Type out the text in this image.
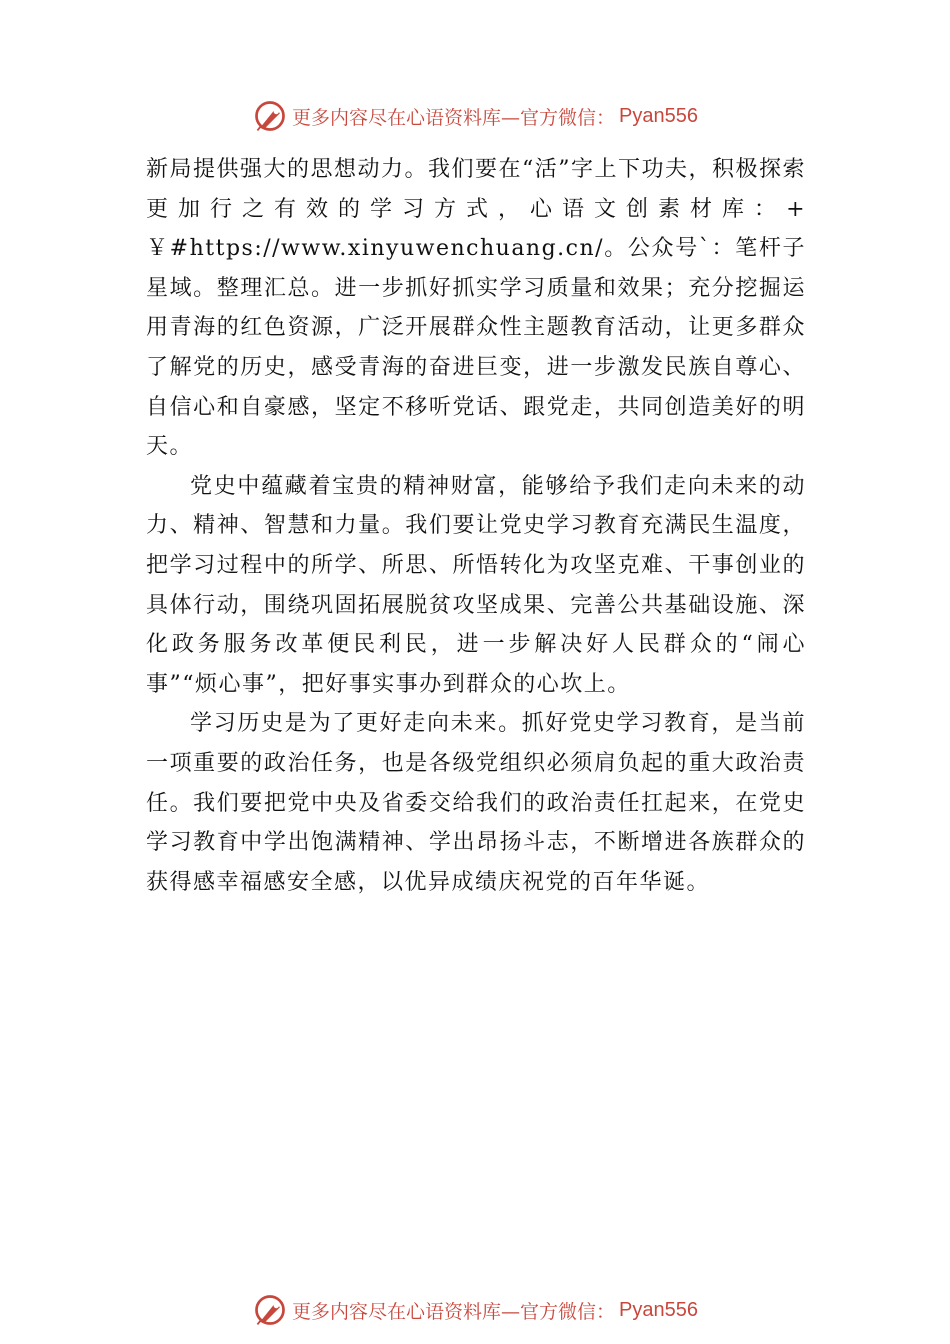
更多内容尽在心语资料库—官方微信： Pyan556

新局提供强大的思想动力。我们要在“活”字上下功夫，积极探索更加行之有效的学习方式，心语文创素材库：+￥#https://www.xinyuwenchuang.cn/。公众号`：笔杆子星域。整理汇总。进一步抓好抓实学习质量和效果；充分挖掘运用青海的红色资源，广泛开展群众性主题教育活动，让更多群众了解党的历史，感受青海的奋进巨变，进一步激发民族自尊心、自信心和自豪感，坚定不移听党话、跟党走，共同创造美好的明天。

党史中蕴藏着宝贵的精神财富，能够给予我们走向未来的动力、精神、智慧和力量。我们要让党史学习教育充满民生温度，把学习过程中的所学、所思、所悟转化为攻坚克难、干事创业的具体行动，围绕巩固拓展脱贫攻坚成果、完善公共基础设施、深化政务服务改革便民利民，进一步解决好人民群众的“闹心事”“烦心事”，把好事实事办到群众的心坎上。

学习历史是为了更好走向未来。抓好党史学习教育，是当前一项重要的政治任务，也是各级党组织必须肩负起的重大政治责任。我们要把党中央及省委交给我们的政治责任扛起来，在党史学习教育中学出饱满精神、学出昂扬斗志，不断增进各族群众的获得感幸福感安全感，以优异成绩庆祝党的百年华诞。

更多内容尽在心语资料库—官方微信： Pyan556
